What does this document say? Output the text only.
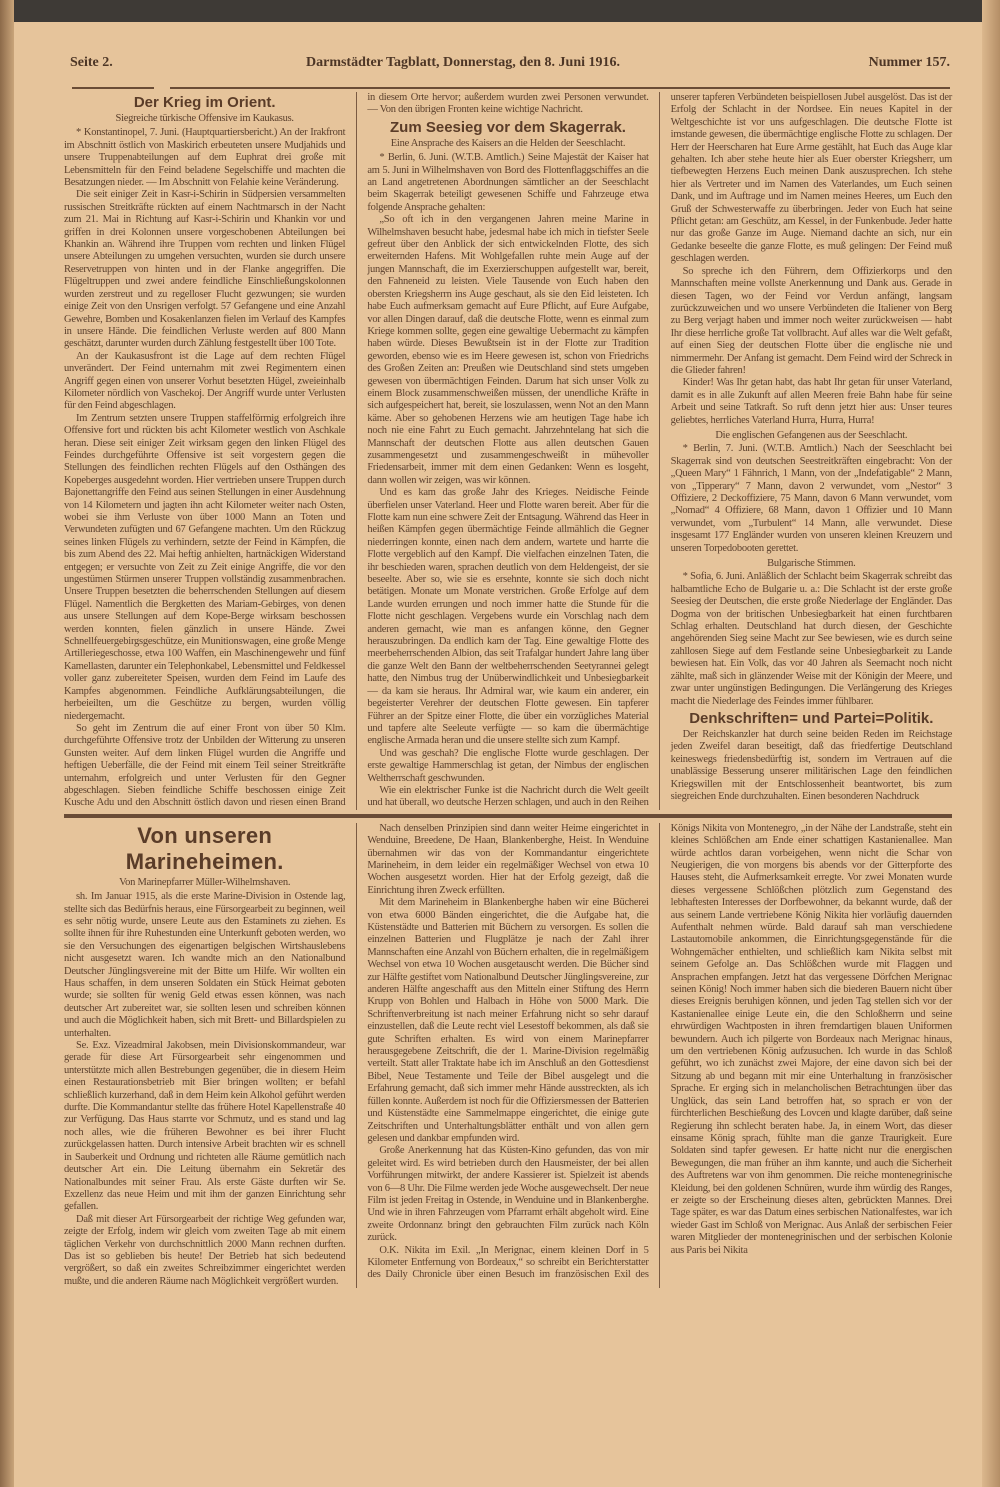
Seite 2.	Darmstädter Tagblatt, Donnerstag, den 8. Juni 1916.	Nummer 157.
Der Krieg im Orient.
Siegreiche türkische Offensive im Kaukasus.

* Konstantinopel, 7. Juni. (Hauptquartiersbericht.) An der Irakfront im Abschnitt östlich von Maskirich erbeuteten unsere Mudjahids und unsere Truppenabteilungen auf dem Euphrat drei große mit Lebensmitteln für den Feind beladene Segelschiffe und machten die Besatzungen nieder. — Im Abschnitt von Felahie keine Veränderung.

Die seit einiger Zeit in Kasr-i-Schirin in Südpersien versammelten russischen Streitkräfte rückten auf einem Nachtmarsch in der Nacht zum 21. Mai in Richtung auf Kasr-i-Schirin und Khankin vor und griffen in drei Kolonnen unsere vorgeschobenen Abteilungen bei Khankin an. Während ihre Truppen vom rechten und linken Flügel unsere Abteilungen zu umgehen versuchten, wurden sie durch unsere Reservetruppen von hinten und in der Flanke angegriffen. Die Flügeltruppen und zwei andere feindliche Einschließungskolonnen wurden zerstreut und zu regelloser Flucht gezwungen; sie wurden einige Zeit von den Unsrigen verfolgt. 57 Gefangene und eine Anzahl Gewehre, Bomben und Kosakenlanzen fielen im Verlauf des Kampfes in unsere Hände. Die feindlichen Verluste werden auf 800 Mann geschätzt, darunter wurden durch Zählung festgestellt über 100 Tote.

An der Kaukasusfront ist die Lage auf dem rechten Flügel unverändert. Der Feind unternahm mit zwei Regimentern einen Angriff gegen einen von unserer Vorhut besetzten Hügel, zweieinhalb Kilometer nördlich von Vaschekoj. Der Angriff wurde unter Verlusten für den Feind abgeschlagen.

Im Zentrum setzten unsere Truppen staffelförmig erfolgreich ihre Offensive fort und rückten bis acht Kilometer westlich von Aschkale heran. Diese seit einiger Zeit wirksam gegen den linken Flügel des Feindes durchgeführte Offensive ist seit vorgestern gegen die Stellungen des feindlichen rechten Flügels auf den Osthängen des Kopeberges ausgedehnt worden. Hier vertrieben unsere Truppen durch Bajonettangriffe den Feind aus seinen Stellungen in einer Ausdehnung von 14 Kilometern und jagten ihn acht Kilometer weiter nach Osten, wobei sie ihm Verluste von über 1000 Mann an Toten und Verwundeten zufügten und 67 Gefangene machten. Um den Rückzug seines linken Flügels zu verhindern, setzte der Feind in Kämpfen, die bis zum Abend des 22. Mai heftig anhielten, hartnäckigen Widerstand entgegen; er versuchte von Zeit zu Zeit einige Angriffe, die vor den ungestümen Stürmen unserer Truppen vollständig zusammenbrachen. Unsere Truppen besetzten die beherrschenden Stellungen auf diesem Flügel. Namentlich die Bergketten des Mariam-Gebirges, von denen aus unsere Stellungen auf dem Kope-Berge wirksam beschossen werden konnten, fielen gänzlich in unsere Hände. Zwei Schnellfeuergebirgsgeschütze, ein Munitionswagen, eine große Menge Artilleriegeschosse, etwa 100 Waffen, ein Maschinengewehr und fünf Kamellasten, darunter ein Telephonkabel, Lebensmittel und Feldkessel voller ganz zubereiteter Speisen, wurden dem Feind im Laufe des Kampfes abgenommen. Feindliche Aufklärungsabteilungen, die herbeieilten, um die Geschütze zu bergen, wurden völlig niedergemacht.

So geht im Zentrum die auf einer Front von über 50 Klm. durchgeführte Offensive trotz der Unbilden der Witterung zu unseren Gunsten weiter. Auf dem linken Flügel wurden die Angriffe und heftigen Ueberfälle, die der Feind mit einem Teil seiner Streitkräfte unternahm, erfolgreich und unter Verlusten für den Gegner abgeschlagen. Sieben feindliche Schiffe beschossen einige Zeit Kusche Adu und den Abschnitt östlich davon und riesen einen Brand in diesem Orte hervor; außerdem wurden zwei Personen verwundet. — Von den übrigen Fronten keine wichtige Nachricht.

Zum Seesieg vor dem Skagerrak.
Eine Ansprache des Kaisers an die Helden der Seeschlacht.

* Berlin, 6. Juni. (W.T.B. Amtlich.) Seine Majestät der Kaiser hat am 5. Juni in Wilhelmshaven von Bord des Flottenflaggschiffes an die an Land angetretenen Abordnungen sämtlicher an der Seeschlacht beim Skagerrak beteiligt gewesenen Schiffe und Fahrzeuge etwa folgende Ansprache gehalten:

„So oft ich in den vergangenen Jahren meine Marine in Wilhelmshaven besucht habe, jedesmal habe ich mich in tiefster Seele gefreut über den Anblick der sich entwickelnden Flotte, des sich erweiternden Hafens. Mit Wohlgefallen ruhte mein Auge auf der jungen Mannschaft, die im Exerzierschuppen aufgestellt war, bereit, den Fahneneid zu leisten. Viele Tausende von Euch haben den obersten Kriegsherrn ins Auge geschaut, als sie den Eid leisteten. Ich habe Euch aufmerksam gemacht auf Eure Pflicht, auf Eure Aufgabe, vor allen Dingen darauf, daß die deutsche Flotte, wenn es einmal zum Kriege kommen sollte, gegen eine gewaltige Uebermacht zu kämpfen haben würde. Dieses Bewußtsein ist in der Flotte zur Tradition geworden, ebenso wie es im Heere gewesen ist, schon von Friedrichs des Großen Zeiten an: Preußen wie Deutschland sind stets umgeben gewesen von übermächtigen Feinden. Darum hat sich unser Volk zu einem Block zusammenschweißen müssen, der unendliche Kräfte in sich aufgespeichert hat, bereit, sie loszulassen, wenn Not an den Mann käme. Aber so gehobenen Herzens wie am heutigen Tage habe ich noch nie eine Fahrt zu Euch gemacht. Jahrzehntelang hat sich die Mannschaft der deutschen Flotte aus allen deutschen Gauen zusammengesetzt und zusammengeschweißt in mühevoller Friedensarbeit, immer mit dem einen Gedanken: Wenn es losgeht, dann wollen wir zeigen, was wir können.

Und es kam das große Jahr des Krieges. Neidische Feinde überfielen unser Vaterland. Heer und Flotte waren bereit. Aber für die Flotte kam nun eine schwere Zeit der Entsagung. Während das Heer in heißen Kämpfen gegen übermächtige Feinde allmählich die Gegner niederringen konnte, einen nach dem andern, wartete und harrte die Flotte vergeblich auf den Kampf. Die vielfachen einzelnen Taten, die ihr beschieden waren, sprachen deutlich von dem Heldengeist, der sie beseelte. Aber so, wie sie es ersehnte, konnte sie sich doch nicht betätigen. Monate um Monate verstrichen. Große Erfolge auf dem Lande wurden errungen und noch immer hatte die Stunde für die Flotte nicht geschlagen. Vergebens wurde ein Vorschlag nach dem anderen gemacht, wie man es anfangen könne, den Gegner herauszubringen. Da endlich kam der Tag. Eine gewaltige Flotte des meerbeherrschenden Albion, das seit Trafalgar hundert Jahre lang über die ganze Welt den Bann der weltbeherrschenden Seetyrannei gelegt hatte, den Nimbus trug der Unüberwindlichkeit und Unbesiegbarkeit — da kam sie heraus. Ihr Admiral war, wie kaum ein anderer, ein begeisterter Verehrer der deutschen Flotte gewesen. Ein tapferer Führer an der Spitze einer Flotte, die über ein vorzügliches Material und tapfere alte Seeleute verfügte — so kam die übermächtige englische Armada heran und die unsere stellte sich zum Kampf.

Und was geschah? Die englische Flotte wurde geschlagen. Der erste gewaltige Hammerschlag ist getan, der Nimbus der englischen Weltherrschaft geschwunden.

Wie ein elektrischer Funke ist die Nachricht durch die Welt geeilt und hat überall, wo deutsche Herzen schlagen, und auch in den Reihen unserer tapferen Verbündeten beispiellosen Jubel ausgelöst. Das ist der Erfolg der Schlacht in der Nordsee. Ein neues Kapitel in der Weltgeschichte ist vor uns aufgeschlagen. Die deutsche Flotte ist imstande gewesen, die übermächtige englische Flotte zu schlagen. Der Herr der Heerscharen hat Eure Arme gestählt, hat Euch das Auge klar gehalten. Ich aber stehe heute hier als Euer oberster Kriegsherr, um tiefbewegten Herzens Euch meinen Dank auszusprechen. Ich stehe hier als Vertreter und im Namen des Vaterlandes, um Euch seinen Dank, und im Auftrage und im Namen meines Heeres, um Euch den Gruß der Schwesterwaffe zu überbringen. Jeder von Euch hat seine Pflicht getan: am Geschütz, am Kessel, in der Funkenbude. Jeder hatte nur das große Ganze im Auge. Niemand dachte an sich, nur ein Gedanke beseelte die ganze Flotte, es muß gelingen: Der Feind muß geschlagen werden.

So spreche ich den Führern, dem Offizierkorps und den Mannschaften meine vollste Anerkennung und Dank aus. Gerade in diesen Tagen, wo der Feind vor Verdun anfängt, langsam zurückzuweichen und wo unsere Verbündeten die Italiener von Berg zu Berg verjagt haben und immer noch weiter zurückweisen — habt Ihr diese herrliche große Tat vollbracht. Auf alles war die Welt gefaßt, auf einen Sieg der deutschen Flotte über die englische nie und nimmermehr. Der Anfang ist gemacht. Dem Feind wird der Schreck in die Glieder fahren!

Kinder! Was Ihr getan habt, das habt Ihr getan für unser Vaterland, damit es in alle Zukunft auf allen Meeren freie Bahn habe für seine Arbeit und seine Tatkraft. So ruft denn jetzt hier aus: Unser teures geliebtes, herrliches Vaterland Hurra, Hurra, Hurra!

Die englischen Gefangenen aus der Seeschlacht.

* Berlin, 7. Juni. (W.T.B. Amtlich.) Nach der Seeschlacht bei Skagerrak sind von deutschen Seestreitkräften eingebracht: Von der „Queen Mary“ 1 Fähnrich, 1 Mann, von der „Indefatigable“ 2 Mann, von „Tipperary“ 7 Mann, davon 2 verwundet, vom „Nestor“ 3 Offiziere, 2 Deckoffiziere, 75 Mann, davon 6 Mann verwundet, vom „Nomad“ 4 Offiziere, 68 Mann, davon 1 Offizier und 10 Mann verwundet, vom „Turbulent“ 14 Mann, alle verwundet. Diese insgesamt 177 Engländer wurden von unseren kleinen Kreuzern und unseren Torpedobooten gerettet.

Bulgarische Stimmen.

* Sofia, 6. Juni. Anläßlich der Schlacht beim Skagerrak schreibt das halbamtliche Echo de Bulgarie u. a.: Die Schlacht ist der erste große Seesieg der Deutschen, die erste große Niederlage der Engländer. Das Dogma von der britischen Unbesiegbarkeit hat einen furchtbaren Schlag erhalten. Deutschland hat durch diesen, der Geschichte angehörenden Sieg seine Macht zur See bewiesen, wie es durch seine zahllosen Siege auf dem Festlande seine Unbesiegbarkeit zu Lande bewiesen hat. Ein Volk, das vor 40 Jahren als Seemacht noch nicht zählte, maß sich in glänzender Weise mit der Königin der Meere, und zwar unter ungünstigen Bedingungen. Die Verlängerung des Krieges macht die Niederlage des Feindes immer fühlbarer.

Denkschriften= und Partei=Politik.

Der Reichskanzler hat durch seine beiden Reden im Reichstage jeden Zweifel daran beseitigt, daß das friedfertige Deutschland keineswegs friedensbedürftig ist, sondern im Vertrauen auf die unablässige Besserung unserer militärischen Lage den feindlichen Kriegswillen mit der Entschlossenheit beantwortet, bis zum siegreichen Ende durchzuhalten. Einen besonderen Nachdruck

Von unseren Marineheimen.
Von Marinepfarrer Müller-Wilhelmshaven.

sh. Im Januar 1915, als die erste Marine-Division in Ostende lag, stellte sich das Bedürfnis heraus, eine Fürsorgearbeit zu beginnen, weil es sehr nötig wurde, unsere Leute aus den Estaminets zu ziehen. Es sollte ihnen für ihre Ruhestunden eine Unterkunft geboten werden, wo sie den Versuchungen des eigenartigen belgischen Wirtshauslebens nicht ausgesetzt waren. Ich wandte mich an den Nationalbund Deutscher Jünglingsvereine mit der Bitte um Hilfe. Wir wollten ein Haus schaffen, in dem unseren Soldaten ein Stück Heimat geboten wurde; sie sollten für wenig Geld etwas essen können, was nach deutscher Art zubereitet war, sie sollten lesen und schreiben können und auch die Möglichkeit haben, sich mit Brett- und Billardspielen zu unterhalten.

Se. Exz. Vizeadmiral Jakobsen, mein Divisionskommandeur, war gerade für diese Art Fürsorgearbeit sehr eingenommen und unterstützte mich allen Bestrebungen gegenüber, die in diesem Heim einen Restaurationsbetrieb mit Bier bringen wollten; er befahl schließlich kurzerhand, daß in dem Heim kein Alkohol geführt werden durfte. Die Kommandantur stellte das frühere Hotel Kapellenstraße 40 zur Verfügung. Das Haus starrte vor Schmutz, und es stand und lag noch alles, wie die früheren Bewohner es bei ihrer Flucht zurückgelassen hatten. Durch intensive Arbeit brachten wir es schnell in Sauberkeit und Ordnung und richteten alle Räume gemütlich nach deutscher Art ein. Die Leitung übernahm ein Sekretär des Nationalbundes mit seiner Frau. Als erste Gäste durften wir Se. Exzellenz das neue Heim und mit ihm der ganzen Einrichtung sehr gefallen.

Daß mit dieser Art Fürsorgearbeit der richtige Weg gefunden war, zeigte der Erfolg, indem wir gleich vom zweiten Tage ab mit einem täglichen Verkehr von durchschnittlich 2000 Mann rechnen durften. Das ist so geblieben bis heute! Der Betrieb hat sich bedeutend vergrößert, so daß ein zweites Schreibzimmer eingerichtet werden mußte, und die anderen Räume nach Möglichkeit vergrößert wurden.

Nach denselben Prinzipien sind dann weiter Heime eingerichtet in Wenduine, Breedene, De Haan, Blankenberghe, Heist. In Wenduine übernahmen wir das von der Kommandantur eingerichtete Marineheim, in dem leider ein regelmäßiger Wechsel von etwa 10 Wochen ausgesetzt worden. Hier hat der Erfolg gezeigt, daß die Einrichtung ihren Zweck erfüllten.

Mit dem Marineheim in Blankenberghe haben wir eine Bücherei von etwa 6000 Bänden eingerichtet, die die Aufgabe hat, die Küstenstädte und Batterien mit Büchern zu versorgen. Es sollen die einzelnen Batterien und Flugplätze je nach der Zahl ihrer Mannschaften eine Anzahl von Büchern erhalten, die in regelmäßigem Wechsel von etwa 10 Wochen ausgetauscht werden. Die Bücher sind zur Hälfte gestiftet vom Nationalbund Deutscher Jünglingsvereine, zur anderen Hälfte angeschafft aus den Mitteln einer Stiftung des Herrn Krupp von Bohlen und Halbach in Höhe von 5000 Mark. Die Schriftenverbreitung ist nach meiner Erfahrung nicht so sehr darauf einzustellen, daß die Leute recht viel Lesestoff bekommen, als daß sie gute Schriften erhalten. Es wird von einem Marinepfarrer herausgegebene Zeitschrift, die der 1. Marine-Division regelmäßig verteilt. Statt aller Traktate habe ich im Anschluß an den Gottesdienst Bibel, Neue Testamente und Teile der Bibel ausgelegt und die Erfahrung gemacht, daß sich immer mehr Hände ausstreckten, als ich füllen konnte. Außerdem ist noch für die Offiziersmessen der Batterien und Küstenstädte eine Sammelmappe eingerichtet, die einige gute Zeitschriften und Unterhaltungsblätter enthält und von allen gern gelesen und dankbar empfunden wird.

Große Anerkennung hat das Küsten-Kino gefunden, das von mir geleitet wird. Es wird betrieben durch den Hausmeister, der bei allen Vorführungen mitwirkt, der andere Kassierer ist. Spielzeit ist abends von 6—8 Uhr. Die Filme werden jede Woche ausgewechselt. Der neue Film ist jeden Freitag in Ostende, in Wenduine und in Blankenberghe. Und wie in ihren Fahrzeugen vom Pfarramt erhält abgeholt wird. Eine zweite Ordonnanz bringt den gebrauchten Film zurück nach Köln zurück.

O.K. Nikita im Exil. „In Merignac, einem kleinen Dorf in 5 Kilometer Entfernung von Bordeaux,“ so schreibt ein Berichterstatter des Daily Chronicle über einen Besuch im französischen Exil des Königs Nikita von Montenegro, „in der Nähe der Landstraße, steht ein kleines Schlößchen am Ende einer schattigen Kastanienallee. Man würde achtlos daran vorbeigehen, wenn nicht die Schar von Neugierigen, die von morgens bis abends vor der Gitterpforte des Hauses steht, die Aufmerksamkeit erregte. Vor zwei Monaten wurde dieses vergessene Schlößchen plötzlich zum Gegenstand des lebhaftesten Interesses der Dorfbewohner, da bekannt wurde, daß der aus seinem Lande vertriebene König Nikita hier vorläufig dauernden Aufenthalt nehmen würde. Bald darauf sah man verschiedene Lastautomobile ankommen, die Einrichtungsgegenstände für die Wohngemächer enthielten, und schließlich kam Nikita selbst mit seinem Gefolge an. Das Schlößchen wurde mit Flaggen und Ansprachen empfangen. Jetzt hat das vergessene Dörfchen Merignac seinen König! Noch immer haben sich die biederen Bauern nicht über dieses Ereignis beruhigen können, und jeden Tag stellen sich vor der Kastanienallee einige Leute ein, die den Schloßherrn und seine ehrwürdigen Wachtposten in ihren fremdartigen blauen Uniformen bewundern. Auch ich pilgerte von Bordeaux nach Merignac hinaus, um den vertriebenen König aufzusuchen. Ich wurde in das Schloß geführt, wo ich zunächst zwei Majore, der eine davon sich bei der Sitzung ab und begann mit mir eine Unterhaltung in französischer Sprache. Er erging sich in melancholischen Betrachtungen über das Unglück, das sein Land betroffen hat, so sprach er von der fürchterlichen Beschießung des Lovcen und klagte darüber, daß seine Regierung ihn schlecht beraten habe. Ja, in einem Wort, das dieser einsame König sprach, fühlte man die ganze Traurigkeit. Eure Soldaten sind tapfer gewesen. Er hatte nicht nur die energischen Bewegungen, die man früher an ihm kannte, und auch die Sicherheit des Auftretens war von ihm genommen. Die reiche montenegrinische Kleidung, bei den goldenen Schnüren, wurde ihm würdig des Ranges, er zeigte so der Erscheinung dieses alten, gebrückten Mannes. Drei Tage später, es war das Datum eines serbischen Nationalfestes, war ich wieder Gast im Schloß von Merignac. Aus Anlaß der serbischen Feier waren Mitglieder der montenegrinischen und der serbischen Kolonie aus Paris bei Nikita
